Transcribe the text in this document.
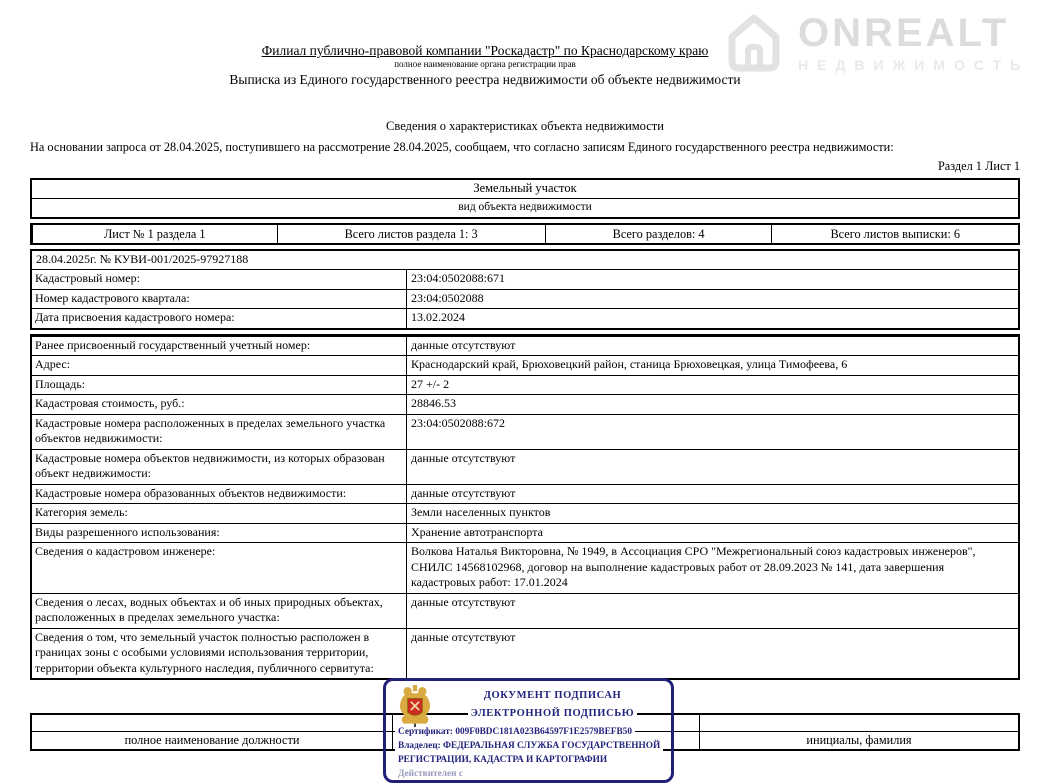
ONREALT
НЕДВИЖИМОСТЬ
Филиал публично-правовой компании "Роскадастр" по Краснодарскому краю
полное наименование органа регистрации прав
Выписка из Единого государственного реестра недвижимости об объекте недвижимости
Сведения о характеристиках объекта недвижимости
На основании запроса от 28.04.2025, поступившего на рассмотрение 28.04.2025, сообщаем, что согласно записям Единого государственного реестра недвижимости:
Раздел 1 Лист 1
Земельный участок
вид объекта недвижимости
Лист № 1 раздела 1	Всего листов раздела 1: 3	Всего разделов: 4	Всего листов выписки: 6
28.04.2025г. № КУВИ-001/2025-97927188
Кадастровый номер:	23:04:0502088:671
Номер кадастрового квартала:	23:04:0502088
Дата присвоения кадастрового номера:	13.02.2024
Ранее присвоенный государственный учетный номер:	данные отсутствуют
Адрес:	Краснодарский край, Брюховецкий район, станица Брюховецкая, улица Тимофеева, 6
Площадь:	27 +/- 2
Кадастровая стоимость, руб.:	28846.53
Кадастровые номера расположенных в пределах земельного участка объектов недвижимости:
23:04:0502088:672
Кадастровые номера объектов недвижимости, из которых образован объект недвижимости:
данные отсутствуют
Кадастровые номера образованных объектов недвижимости:	данные отсутствуют
Категория земель:	Земли населенных пунктов
Виды разрешенного использования:	Хранение автотранспорта
Сведения о кадастровом инженере:	Волкова Наталья Викторовна, № 1949, в Ассоциация СРО "Межрегиональный союз кадастровых инженеров", СНИЛС 14568102968, договор на выполнение кадастровых работ от 28.09.2023 № 141, дата завершения кадастровых работ: 17.01.2024
Сведения о лесах, водных объектах и об иных природных объектах, расположенных в пределах земельного участка:
данные отсутствуют
Сведения о том, что земельный участок полностью расположен в границах зоны с особыми условиями использования территории, территории объекта культурного наследия, публичного сервитута:
данные отсутствуют
полное наименование должности	инициалы, фамилия
ДОКУМЕНТ ПОДПИСАН
ЭЛЕКТРОННОЙ ПОДПИСЬЮ
Сертификат: 009F0BDC181A023B64597F1E2579BEFB50
Владелец: ФЕДЕРАЛЬНАЯ СЛУЖБА ГОСУДАРСТВЕННОЙ
РЕГИСТРАЦИИ, КАДАСТРА И КАРТОГРАФИИ
Действителен с
